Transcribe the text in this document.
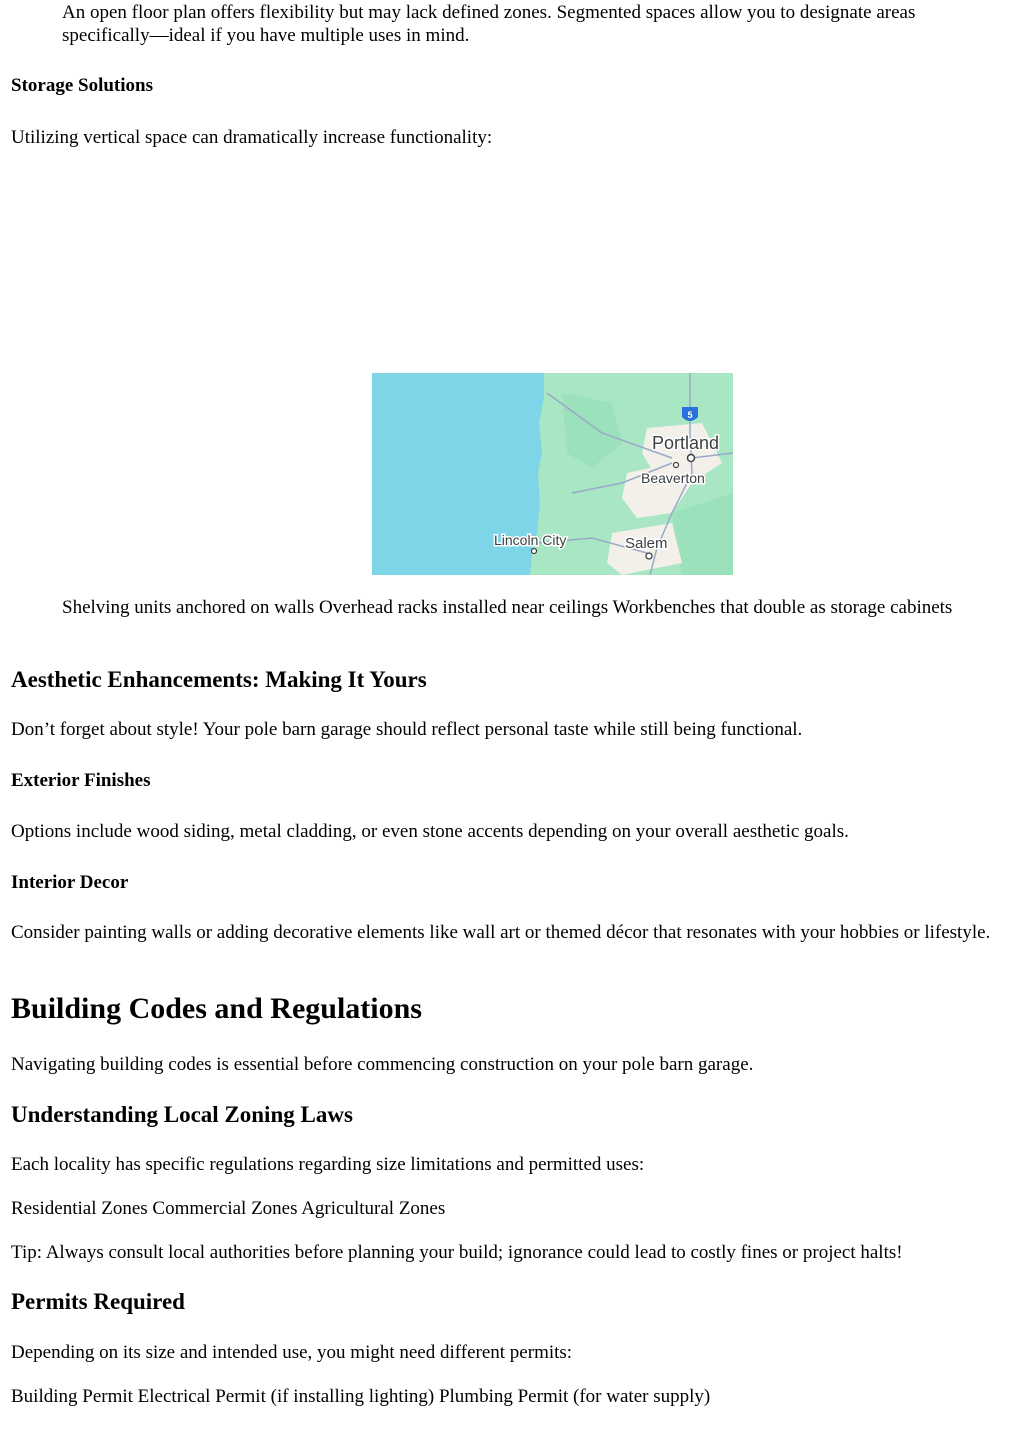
An open floor plan offers flexibility but may lack defined zones. Segmented spaces allow you to designate areas specifically—ideal if you have multiple uses in mind.

Storage Solutions

Utilizing vertical space can dramatically increase functionality:

5
Portland
Beaverton
Lincoln City	Salem

Shelving units anchored on walls Overhead racks installed near ceilings Workbenches that double as storage cabinets

Aesthetic Enhancements: Making It Yours

Don’t forget about style! Your pole barn garage should reflect personal taste while still being functional.

Exterior Finishes

Options include wood siding, metal cladding, or even stone accents depending on your overall aesthetic goals.

Interior Decor

Consider painting walls or adding decorative elements like wall art or themed décor that resonates with your hobbies or lifestyle.

Building Codes and Regulations

Navigating building codes is essential before commencing construction on your pole barn garage.

Understanding Local Zoning Laws

Each locality has specific regulations regarding size limitations and permitted uses:

Residential Zones Commercial Zones Agricultural Zones

Tip: Always consult local authorities before planning your build; ignorance could lead to costly fines or project halts!

Permits Required

Depending on its size and intended use, you might need different permits:

Building Permit Electrical Permit (if installing lighting) Plumbing Permit (for water supply)
